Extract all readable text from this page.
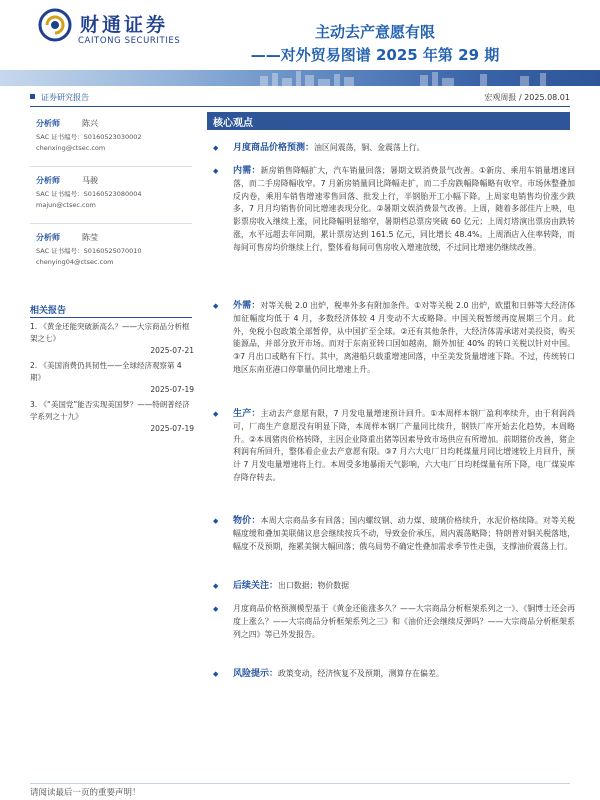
财通证券
CAITONG SECURITIES	主动去产意愿有限
——对外贸易图谱 2025 年第 29 期
证券研究报告	宏观周报 / 2025.08.01
分析师	陈兴
SAC 证书编号：S0160523030002
chenxing@ctsec.com
分析师	马骏
SAC 证书编号：S0160523080004
majun@ctsec.com
分析师	陈莹
SAC 证书编号：S0160525070010
chenying04@ctsec.com
相关报告
1. 《黄金还能突破新高么？——大宗商品分析框架之七》

2025-07-21
2. 《美国消费仍具韧性——全球经济观察第 4 期》

2025-07-19
3. 《“美国党”能否实现美国梦？——特朗普经济学系列之十九》

2025-07-19
核心观点
◆ 月度商品价格预测：油区间震荡，铜、金震荡上行。
◆ 内需：新房销售降幅扩大，汽车销量回落；暑期文娱消费景气改善。①新房、乘用车销量增速回落，而二手房降幅收窄。7 月新房销量同比降幅走扩，而二手房跌幅降幅略有收窄。市场休整叠加反内卷，乘用车销售增速零售回落、批发上行，半钢胎开工小幅下降。上周家电销售均价涨少跌多，7 月月均销售价同比增速表现分化。②暑期文娱消费景气改善。上周，随着多部佳片上映，电影票房收入继续上涨，同比降幅明显缩窄，暑期档总票房突破 60 亿元；上周灯塔演出票房由跌转涨，水平远超去年同期，累计票房达到 161.5 亿元，同比增长 48.4%。上周酒店入住率转降，而每间可售房均价继续上行，整体看每间可售房收入增速放缓，不过同比增速仍继续改善。
◆ 外需：对等关税 2.0 出炉，税率外多有附加条件。①对等关税 2.0 出炉，欧盟和日韩等大经济体加征幅度均低于 4 月，多数经济体较 4 月变动不大或略降。中国关税暂缓再度展期三个月。此外，免税小包政策全部暂停，从中国扩至全球。②还有其他条件，大经济体需承诺对美投资，购买能源品，并部分放开市场。而对于东南亚转口国如越南，额外加征 40% 的转口关税以针对中国。③7 月出口或略有下行。其中，离港船只载重增速回落，中至美发货量增速下降。不过，传统转口地区东南亚港口停靠量仍同比增速上升。
◆ 生产：主动去产意愿有限，7 月发电量增速预计回升。①本周样本钢厂盈利率续升，由于利润尚可，厂商生产意愿没有明显下降，本周样本钢厂产量同比续升，钢铁厂库开始去化趋势，本周略升。②本周猪肉价格转降，主因企业降重出猪等因素导致市场供应有所增加。前期猪价改善，猪企利润有所回升，整体看企业去产意愿有限。③7 月六大电厂日均耗煤量月同比增速较上月回升，预计 7 月发电量增速将上行。本周受多地暴雨天气影响，六大电厂日均耗煤量有所下降，电厂煤炭库存降存转去。
◆ 物价：本周大宗商品多有回落；国内螺纹钢、动力煤、玻璃价格续升，水泥价格续降。对等关税幅度缓和叠加美联储议息会继续按兵不动，导致金价承压，周内震荡略降；特朗普对铜关税落地，幅度不及预期，拖累美铜大幅回落；俄乌局势不确定性叠加需求季节性走强，支撑油价震荡上行。
◆ 后续关注：出口数据；物价数据
◆ 月度商品价格预测模型基于《黄金还能涨多久？——大宗商品分析框架系列之一》、《铜博士还会再度上涨么？——大宗商品分析框架系列之三》和《油价还会继续反弹吗？——大宗商品分析框架系列之四》等已外发报告。
◆ 风险提示：政策变动，经济恢复不及预期，测算存在偏差。
请阅读最后一页的重要声明！
